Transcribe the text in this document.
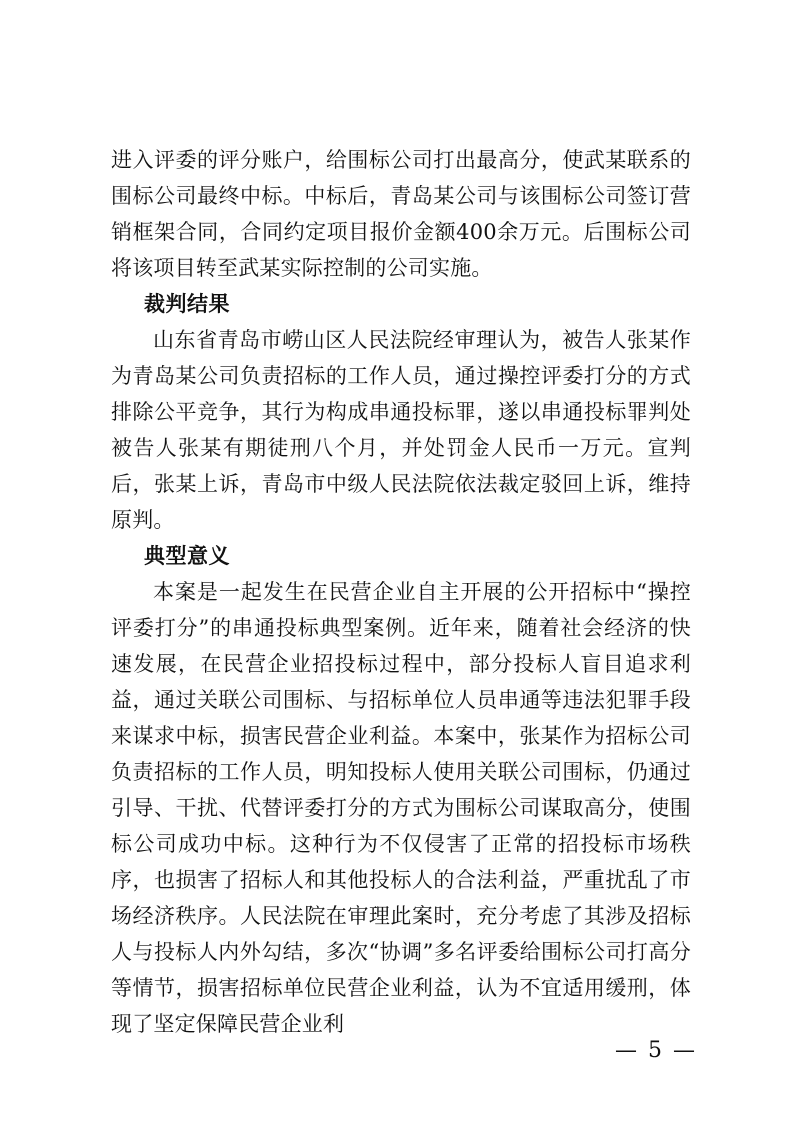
进入评委的评分账户，给围标公司打出最高分，使武某联系的围标公司最终中标。中标后，青岛某公司与该围标公司签订营销框架合同，合同约定项目报价金额400余万元。后围标公司将该项目转至武某实际控制的公司实施。

裁判结果

山东省青岛市崂山区人民法院经审理认为，被告人张某作为青岛某公司负责招标的工作人员，通过操控评委打分的方式排除公平竞争，其行为构成串通投标罪，遂以串通投标罪判处被告人张某有期徒刑八个月，并处罚金人民币一万元。宣判后，张某上诉，青岛市中级人民法院依法裁定驳回上诉，维持原判。

典型意义

本案是一起发生在民营企业自主开展的公开招标中“操控评委打分”的串通投标典型案例。近年来，随着社会经济的快速发展，在民营企业招投标过程中，部分投标人盲目追求利益，通过关联公司围标、与招标单位人员串通等违法犯罪手段来谋求中标，损害民营企业利益。本案中，张某作为招标公司负责招标的工作人员，明知投标人使用关联公司围标，仍通过引导、干扰、代替评委打分的方式为围标公司谋取高分，使围标公司成功中标。这种行为不仅侵害了正常的招投标市场秩序，也损害了招标人和其他投标人的合法利益，严重扰乱了市场经济秩序。人民法院在审理此案时，充分考虑了其涉及招标人与投标人内外勾结，多次“协调”多名评委给围标公司打高分等情节，损害招标单位民营企业利益，认为不宜适用缓刑，体现了坚定保障民营企业利

— 5 —
